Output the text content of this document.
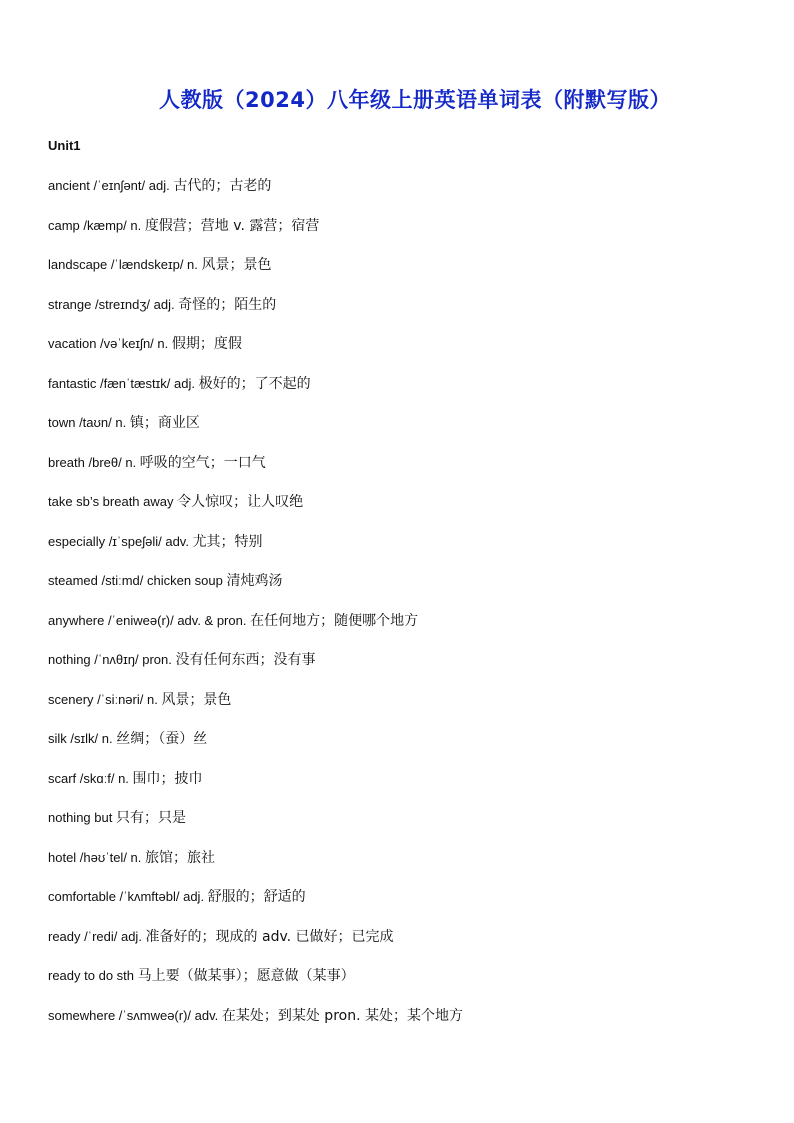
人教版（2024）八年级上册英语单词表（附默写版）
Unit1
ancient /ˈeɪnʃənt/ adj. 古代的；古老的
camp /kæmp/ n. 度假营；营地 v. 露营；宿营
landscape /ˈlændskeɪp/ n. 风景；景色
strange /streɪndʒ/ adj. 奇怪的；陌生的
vacation /vəˈkeɪʃn/ n. 假期；度假
fantastic /fænˈtæstɪk/ adj. 极好的；了不起的
town /taʊn/ n. 镇；商业区
breath /breθ/ n. 呼吸的空气；一口气
take sb’s breath away 令人惊叹；让人叹绝
especially /ɪˈspeʃəli/ adv. 尤其；特别
steamed /stiːmd/ chicken soup 清炖鸡汤
anywhere /ˈeniweə(r)/ adv. & pron. 在任何地方；随便哪个地方
nothing /ˈnʌθɪŋ/ pron. 没有任何东西；没有事
scenery /ˈsiːnəri/ n. 风景；景色
silk /sɪlk/ n. 丝绸；（蚕）丝
scarf /skɑːf/ n. 围巾；披巾
nothing but 只有；只是
hotel /həʊˈtel/ n. 旅馆；旅社
comfortable /ˈkʌmftəbl/ adj. 舒服的；舒适的
ready /ˈredi/ adj. 准备好的；现成的 adv. 已做好；已完成
ready to do sth 马上要（做某事）；愿意做（某事）
somewhere /ˈsʌmweə(r)/ adv. 在某处；到某处 pron. 某处；某个地方
